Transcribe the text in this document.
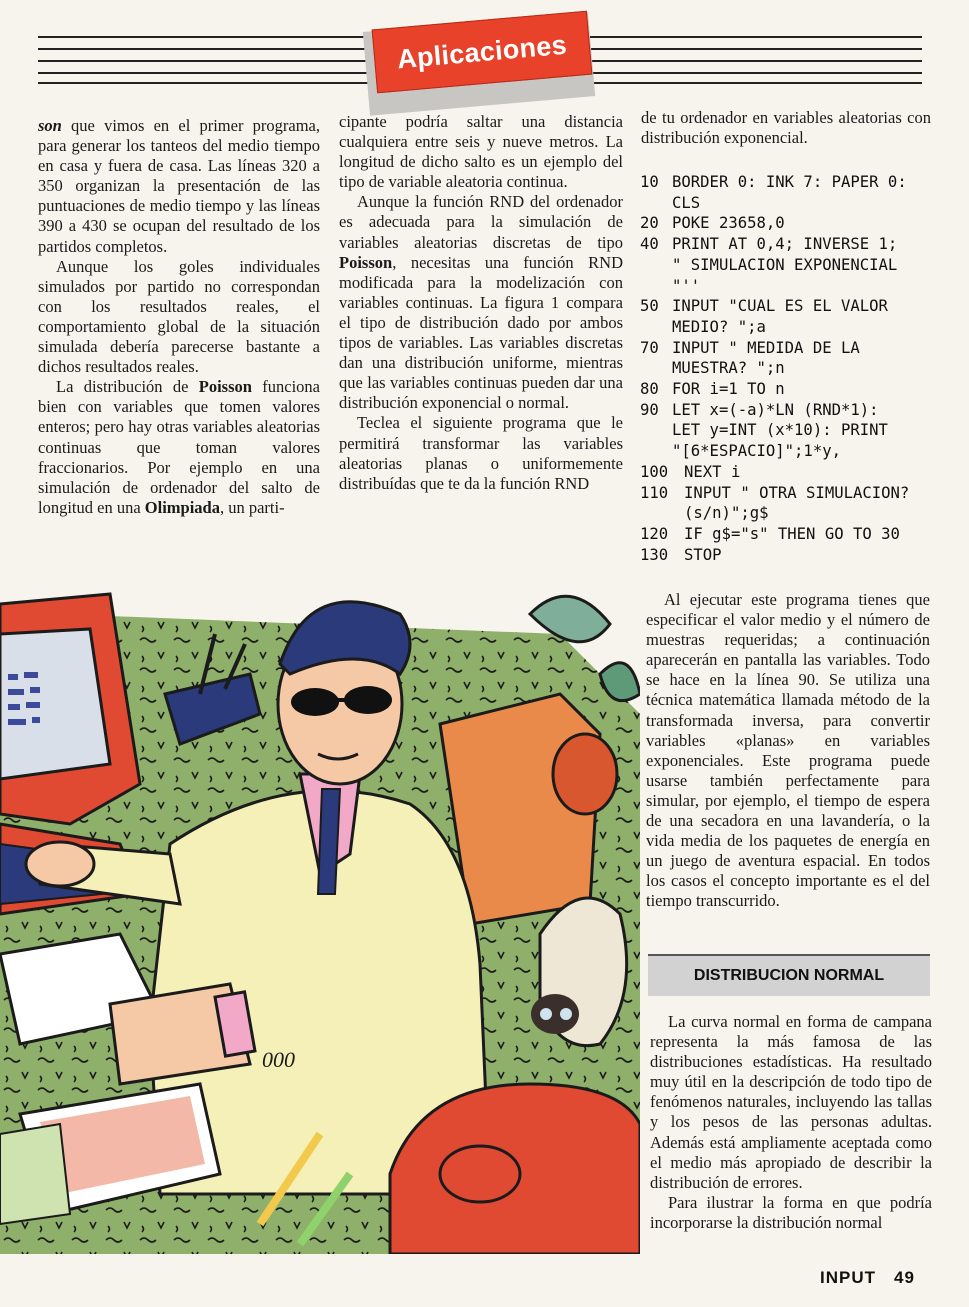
Aplicaciones

son que vimos en el primer programa, para generar los tanteos del medio tiempo en casa y fuera de casa. Las líneas 320 a 350 organizan la presentación de las puntuaciones de medio tiempo y las líneas 390 a 430 se ocupan del resultado de los partidos completos.

Aunque los goles individuales simulados por partido no correspondan con los resultados reales, el comportamiento global de la situación simulada debería parecerse bastante a dichos resultados reales.

La distribución de Poisson funciona bien con variables que tomen valores enteros; pero hay otras variables aleatorias continuas que toman valores fraccionarios. Por ejemplo en una simulación de ordenador del salto de longitud en una Olimpiada, un parti-

cipante podría saltar una distancia cualquiera entre seis y nueve metros. La longitud de dicho salto es un ejemplo del tipo de variable aleatoria continua.

Aunque la función RND del ordenador es adecuada para la simulación de variables aleatorias discretas de tipo Poisson, necesitas una función RND modificada para la modelización con variables continuas. La figura 1 compara el tipo de distribución dado por ambos tipos de variables. Las variables discretas dan una distribución uniforme, mientras que las variables continuas pueden dar una distribución exponencial o normal.

Teclea el siguiente programa que le permitirá transformar las variables aleatorias planas o uniformemente distribuídas que te da la función RND

de tu ordenador en variables aleatorias con distribución exponencial.

10 BORDER 0: INK 7: PAPER 0:
CLS
20 POKE 23658,0
40 PRINT AT 0,4; INVERSE 1;
" SIMULACION EXPONENCIAL
"''
50 INPUT "CUAL ES EL VALOR
MEDIO? ";a
70 INPUT " MEDIDA DE LA
MUESTRA? ";n
80 FOR i=1 TO n
90 LET x=(-a)*LN (RND*1):
LET y=INT (x*10): PRINT
"[6*ESPACIO]";1*y,
100	NEXT i
110	INPUT " OTRA SIMULACION?
(s/n)";g$
120	IF g$="s" THEN GO TO 30
130	STOP

Al ejecutar este programa tienes que especificar el valor medio y el número de muestras requeridas; a continuación aparecerán en pantalla las variables. Todo se hace en la línea 90. Se utiliza una técnica matemática llamada método de la transformada inversa, para convertir variables «planas» en variables exponenciales. Este programa puede usarse también perfectamente para simular, por ejemplo, el tiempo de espera de una secadora en una lavandería, o la vida media de los paquetes de energía en un juego de aventura espacial. En todos los casos el concepto importante es el del tiempo transcurrido.

DISTRIBUCION NORMAL

La curva normal en forma de campana representa la más famosa de las distribuciones estadísticas. Ha resultado muy útil en la descripción de todo tipo de fenómenos naturales, incluyendo las tallas y los pesos de las personas adultas. Además está ampliamente aceptada como el medio más apropiado de describir la distribución de errores.

Para ilustrar la forma en que podría incorporarse la distribución normal

000
INPUT 49
